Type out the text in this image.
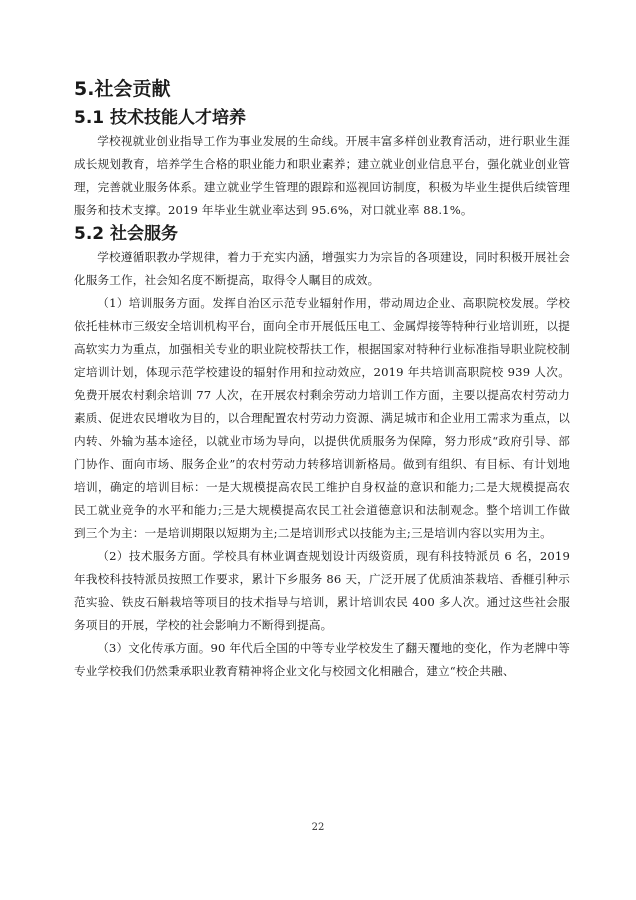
5.社会贡献
5.1 技术技能人才培养

学校视就业创业指导工作为事业发展的生命线。开展丰富多样创业教育活动，进行职业生涯成长规划教育，培养学生合格的职业能力和职业素养；建立就业创业信息平台，强化就业创业管理，完善就业服务体系。建立就业学生管理的跟踪和巡视回访制度，积极为毕业生提供后续管理服务和技术支撑。2019 年毕业生就业率达到 95.6%，对口就业率 88.1%。

5.2 社会服务

学校遵循职教办学规律，着力于充实内涵，增强实力为宗旨的各项建设，同时积极开展社会化服务工作，社会知名度不断提高，取得令人瞩目的成效。

（1）培训服务方面。发挥自治区示范专业辐射作用，带动周边企业、高职院校发展。学校依托桂林市三级安全培训机构平台，面向全市开展低压电工、金属焊接等特种行业培训班，以提高软实力为重点，加强相关专业的职业院校帮扶工作，根据国家对特种行业标准指导职业院校制定培训计划，体现示范学校建设的辐射作用和拉动效应，2019 年共培训高职院校 939 人次。免费开展农村剩余培训 77 人次，在开展农村剩余劳动力培训工作方面，主要以提高农村劳动力素质、促进农民增收为目的，以合理配置农村劳动力资源、满足城市和企业用工需求为重点，以内转、外输为基本途径，以就业市场为导向，以提供优质服务为保障，努力形成“政府引导、部门协作、面向市场、服务企业”的农村劳动力转移培训新格局。做到有组织、有目标、有计划地培训，确定的培训目标：一是大规模提高农民工维护自身权益的意识和能力;二是大规模提高农民工就业竞争的水平和能力;三是大规模提高农民工社会道德意识和法制观念。整个培训工作做到三个为主：一是培训期限以短期为主;二是培训形式以技能为主;三是培训内容以实用为主。

（2）技术服务方面。学校具有林业调查规划设计丙级资质，现有科技特派员 6 名，2019 年我校科技特派员按照工作要求，累计下乡服务 86 天，广泛开展了优质油茶栽培、香榧引种示范实验、铁皮石斛栽培等项目的技术指导与培训，累计培训农民 400 多人次。通过这些社会服务项目的开展，学校的社会影响力不断得到提高。

（3）文化传承方面。90 年代后全国的中等专业学校发生了翻天覆地的变化，作为老牌中等专业学校我们仍然秉承职业教育精神将企业文化与校园文化相融合，建立“校企共融、

22
